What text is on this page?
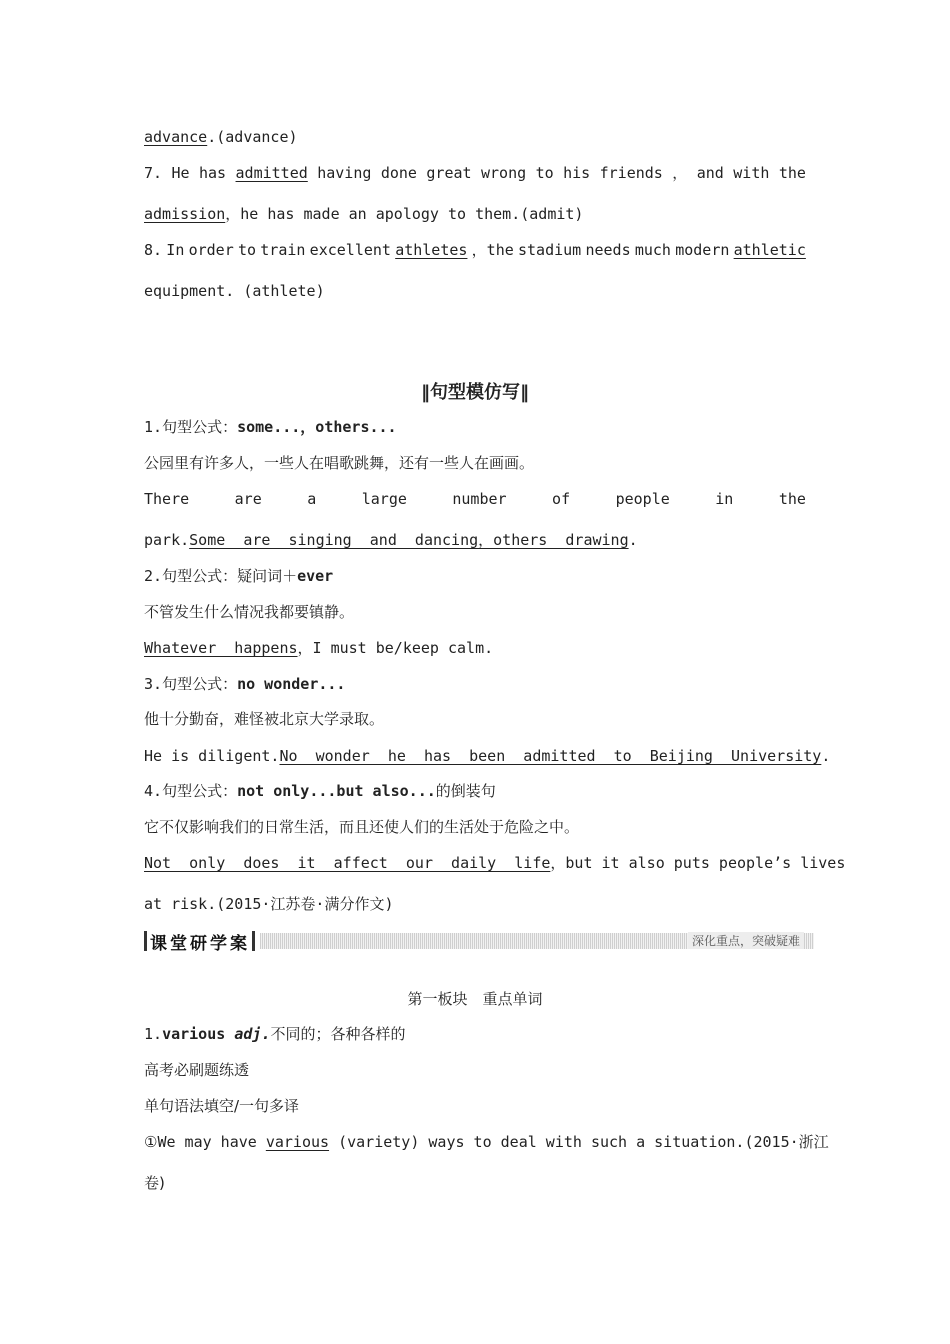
advance.(advance)
7. He has admitted having done great wrong to his friends ， and with the
admission，he has made an apology to them.(admit)
8. In order to train excellent athletes ，the stadium needs much modern athletic
equipment. (athlete)
‖句型模仿写‖
1.句型公式：some...，others...
公园里有许多人，一些人在唱歌跳舞，还有一些人在画画。
There	are	a	large	number	of	people	in	the
park.Some  are  singing  and  dancing，others  drawing.
2.句型公式：疑问词＋ever
不管发生什么情况我都要镇静。
Whatever  happens，I must be/keep calm.
3.句型公式：no wonder...
他十分勤奋，难怪被北京大学录取。
He is diligent.No  wonder  he  has  been  admitted  to  Beijing  University.
4.句型公式：not only...but also...的倒装句
它不仅影响我们的日常生活，而且还使人们的生活处于危险之中。
Not  only  does  it  affect  our  daily  life，but it also puts people’s lives
at risk.(2015·江苏卷·满分作文)
课堂研学案	深化重点，突破疑难
第一板块　重点单词
1.various adj.不同的；各种各样的
高考必刷题练透
单句语法填空/一句多译
①We may have various (variety) ways to deal with such a situation.(2015·浙江
卷)
